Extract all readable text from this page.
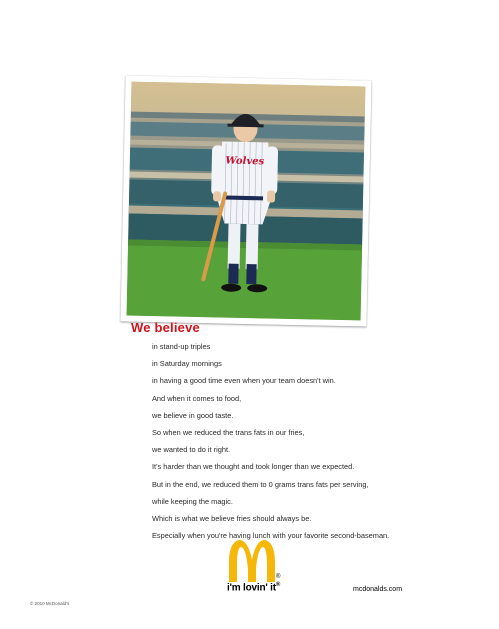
Wolves
We believe
in stand-up triples
in Saturday mornings
in having a good time even when your team doesn't win.
And when it comes to food,
we believe in good taste.
So when we reduced the trans fats in our fries,
we wanted to do it right.
It's harder than we thought and took longer than we expected.
But in the end, we reduced them to 0 grams trans fats per serving,
while keeping the magic.
Which is what we believe fries should always be.
Especially when you're having lunch with your favorite second-baseman.
®
i'm lovin' it®
mcdonalds.com
© 2010 McDonald's
